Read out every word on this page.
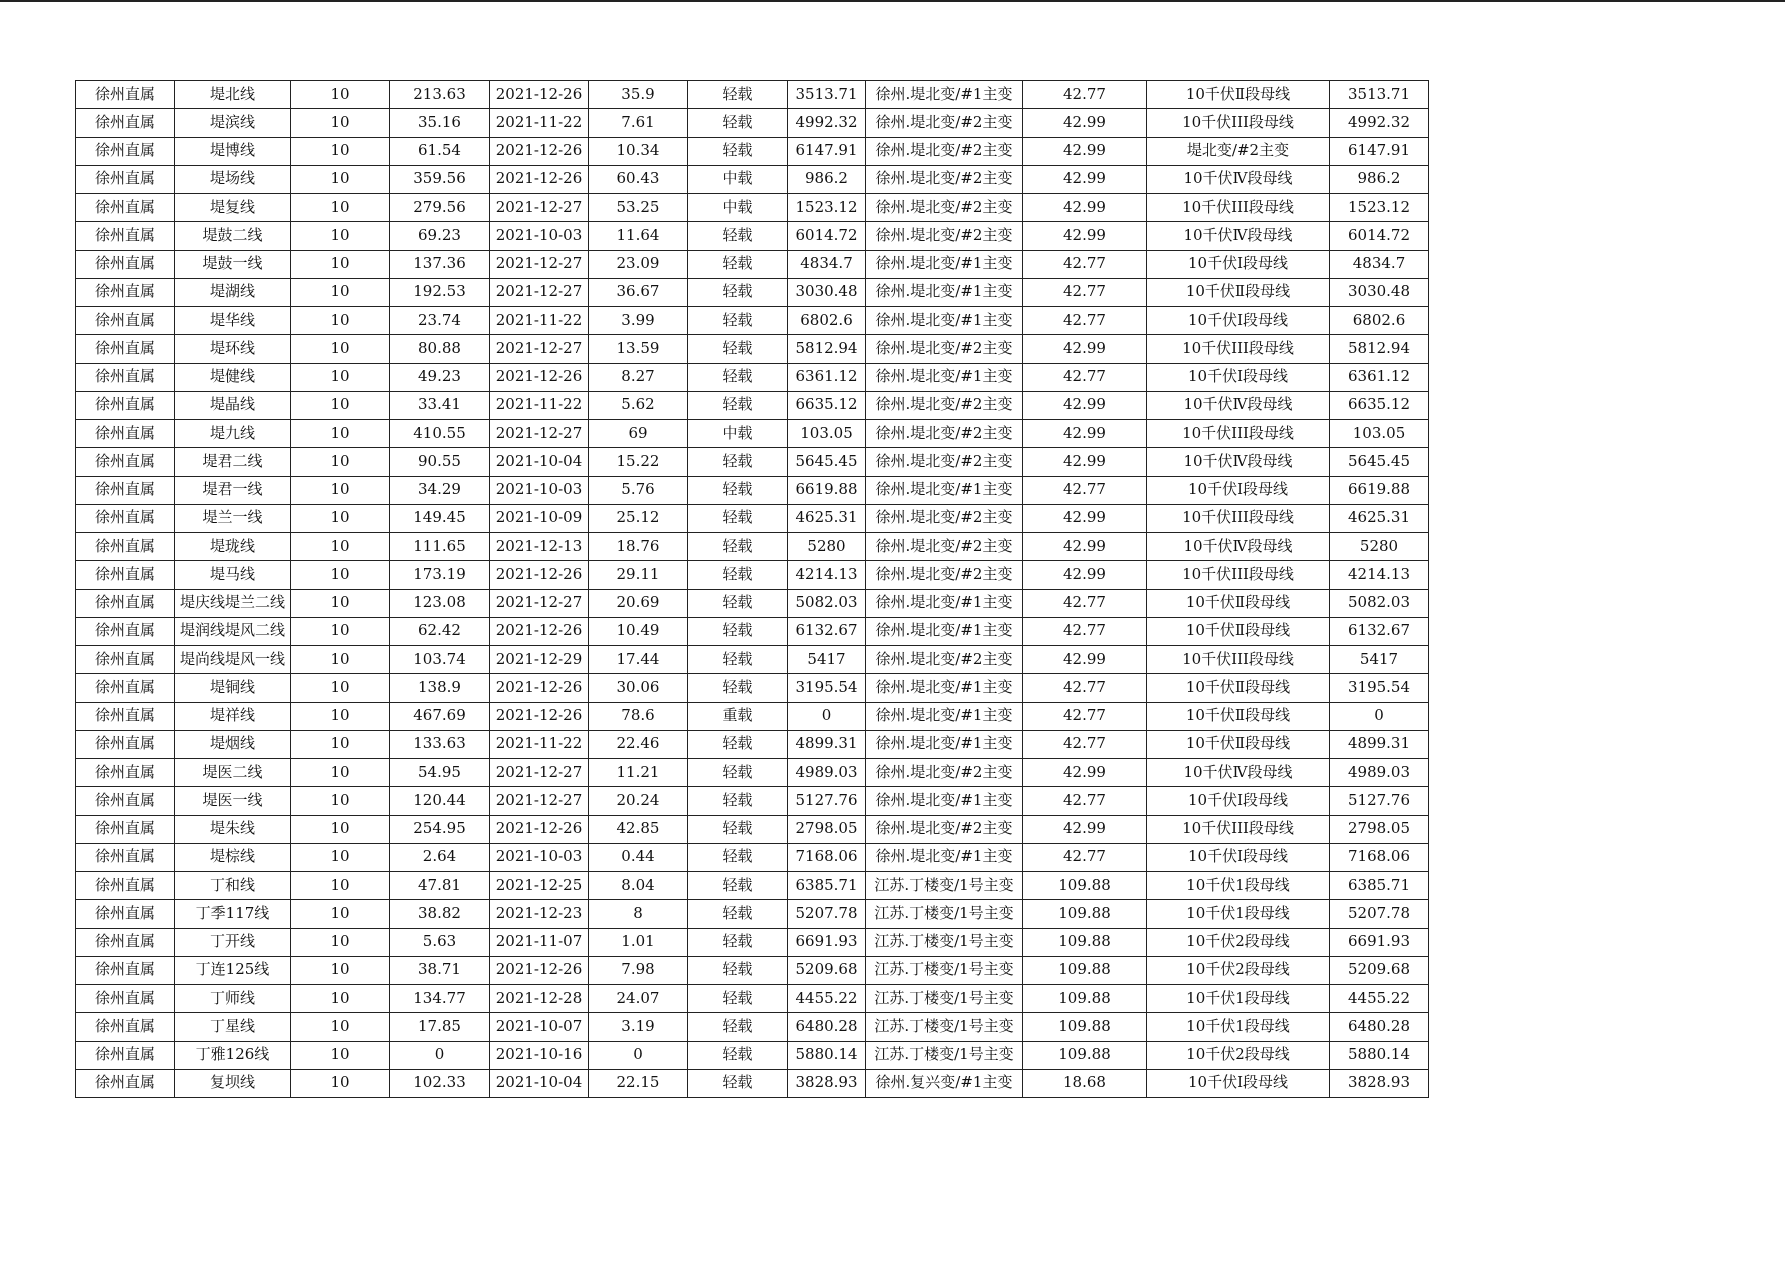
徐州直属	堤北线	10	213.63	2021-12-26	35.9	轻载	3513.71	徐州.堤北变/#1主变	42.77	10千伏Ⅱ段母线	3513.71

徐州直属	堤滨线	10	35.16	2021-11-22	7.61	轻载	4992.32	徐州.堤北变/#2主变	42.99	10千伏III段母线	4992.32

徐州直属	堤博线	10	61.54	2021-12-26	10.34	轻载	6147.91	徐州.堤北变/#2主变	42.99	堤北变/#2主变	6147.91

徐州直属	堤场线	10	359.56	2021-12-26	60.43	中载	986.2	徐州.堤北变/#2主变	42.99	10千伏Ⅳ段母线	986.2

徐州直属	堤复线	10	279.56	2021-12-27	53.25	中载	1523.12	徐州.堤北变/#2主变	42.99	10千伏III段母线	1523.12

徐州直属	堤鼓二线	10	69.23	2021-10-03	11.64	轻载	6014.72	徐州.堤北变/#2主变	42.99	10千伏Ⅳ段母线	6014.72

徐州直属	堤鼓一线	10	137.36	2021-12-27	23.09	轻载	4834.7	徐州.堤北变/#1主变	42.77	10千伏Ⅰ段母线	4834.7

徐州直属	堤湖线	10	192.53	2021-12-27	36.67	轻载	3030.48	徐州.堤北变/#1主变	42.77	10千伏Ⅱ段母线	3030.48

徐州直属	堤华线	10	23.74	2021-11-22	3.99	轻载	6802.6	徐州.堤北变/#1主变	42.77	10千伏Ⅰ段母线	6802.6

徐州直属	堤环线	10	80.88	2021-12-27	13.59	轻载	5812.94	徐州.堤北变/#2主变	42.99	10千伏III段母线	5812.94

徐州直属	堤健线	10	49.23	2021-12-26	8.27	轻载	6361.12	徐州.堤北变/#1主变	42.77	10千伏Ⅰ段母线	6361.12

徐州直属	堤晶线	10	33.41	2021-11-22	5.62	轻载	6635.12	徐州.堤北变/#2主变	42.99	10千伏Ⅳ段母线	6635.12

徐州直属	堤九线	10	410.55	2021-12-27	69	中载	103.05	徐州.堤北变/#2主变	42.99	10千伏III段母线	103.05

徐州直属	堤君二线	10	90.55	2021-10-04	15.22	轻载	5645.45	徐州.堤北变/#2主变	42.99	10千伏Ⅳ段母线	5645.45

徐州直属	堤君一线	10	34.29	2021-10-03	5.76	轻载	6619.88	徐州.堤北变/#1主变	42.77	10千伏Ⅰ段母线	6619.88

徐州直属	堤兰一线	10	149.45	2021-10-09	25.12	轻载	4625.31	徐州.堤北变/#2主变	42.99	10千伏III段母线	4625.31

徐州直属	堤珑线	10	111.65	2021-12-13	18.76	轻载	5280	徐州.堤北变/#2主变	42.99	10千伏Ⅳ段母线	5280

徐州直属	堤马线	10	173.19	2021-12-26	29.11	轻载	4214.13	徐州.堤北变/#2主变	42.99	10千伏III段母线	4214.13

徐州直属	堤庆线堤兰二线	10	123.08	2021-12-27	20.69	轻载	5082.03	徐州.堤北变/#1主变	42.77	10千伏Ⅱ段母线	5082.03

徐州直属	堤润线堤风二线	10	62.42	2021-12-26	10.49	轻载	6132.67	徐州.堤北变/#1主变	42.77	10千伏Ⅱ段母线	6132.67

徐州直属	堤尚线堤风一线	10	103.74	2021-12-29	17.44	轻载	5417	徐州.堤北变/#2主变	42.99	10千伏III段母线	5417

徐州直属	堤铜线	10	138.9	2021-12-26	30.06	轻载	3195.54	徐州.堤北变/#1主变	42.77	10千伏Ⅱ段母线	3195.54

徐州直属	堤祥线	10	467.69	2021-12-26	78.6	重载	0	徐州.堤北变/#1主变	42.77	10千伏Ⅱ段母线	0

徐州直属	堤烟线	10	133.63	2021-11-22	22.46	轻载	4899.31	徐州.堤北变/#1主变	42.77	10千伏Ⅱ段母线	4899.31

徐州直属	堤医二线	10	54.95	2021-12-27	11.21	轻载	4989.03	徐州.堤北变/#2主变	42.99	10千伏Ⅳ段母线	4989.03

徐州直属	堤医一线	10	120.44	2021-12-27	20.24	轻载	5127.76	徐州.堤北变/#1主变	42.77	10千伏Ⅰ段母线	5127.76

徐州直属	堤朱线	10	254.95	2021-12-26	42.85	轻载	2798.05	徐州.堤北变/#2主变	42.99	10千伏III段母线	2798.05

徐州直属	堤棕线	10	2.64	2021-10-03	0.44	轻载	7168.06	徐州.堤北变/#1主变	42.77	10千伏Ⅰ段母线	7168.06

徐州直属	丁和线	10	47.81	2021-12-25	8.04	轻载	6385.71	江苏.丁楼变/1号主变	109.88	10千伏1段母线	6385.71

徐州直属	丁季117线	10	38.82	2021-12-23	8	轻载	5207.78	江苏.丁楼变/1号主变	109.88	10千伏1段母线	5207.78

徐州直属	丁开线	10	5.63	2021-11-07	1.01	轻载	6691.93	江苏.丁楼变/1号主变	109.88	10千伏2段母线	6691.93

徐州直属	丁连125线	10	38.71	2021-12-26	7.98	轻载	5209.68	江苏.丁楼变/1号主变	109.88	10千伏2段母线	5209.68

徐州直属	丁师线	10	134.77	2021-12-28	24.07	轻载	4455.22	江苏.丁楼变/1号主变	109.88	10千伏1段母线	4455.22

徐州直属	丁星线	10	17.85	2021-10-07	3.19	轻载	6480.28	江苏.丁楼变/1号主变	109.88	10千伏1段母线	6480.28

徐州直属	丁雅126线	10	0	2021-10-16	0	轻载	5880.14	江苏.丁楼变/1号主变	109.88	10千伏2段母线	5880.14

徐州直属	复坝线	10	102.33	2021-10-04	22.15	轻载	3828.93	徐州.复兴变/#1主变	18.68	10千伏Ⅰ段母线	3828.93
